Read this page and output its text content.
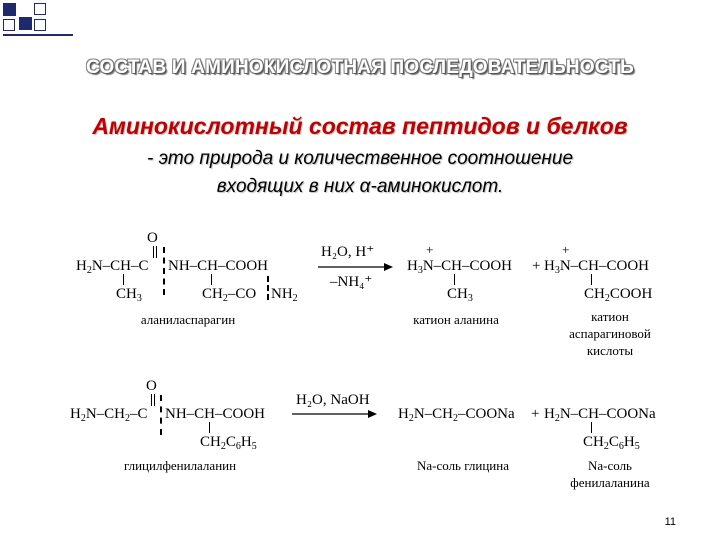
СОСТАВ И АМИНОКИСЛОТНАЯ ПОСЛЕДОВАТЕЛЬНОСТЬ
Аминокислотный состав пептидов и белков
- это природа и количественное соотношение
входящих в них α-аминокислот.
O
$H_2N-CH-C$ NH–CH–COOH
$CH_3$	$CH_2-CO$ $NH_2$
аланиласпарагин
H₂O, H⁺
–NH₄⁺
+
$H_3N-CH$–COOH
$CH_3$
+
+
$H_3N-CH$–COOH
$CH_2COOH$
катион аланина	катион
аспарагиновой
кислоты
O
$H_2N-CH_2-C$ NH–CH–COOH
$CH_2C_6H_5$
глицилфенилаланин
H₂O, NaOH
$H_2N-CH_2$–COONa + $H_2N-CH$–COONa
$CH_2C_6H_5$
Na-соль глицина	Na-соль
фенилаланина
11
